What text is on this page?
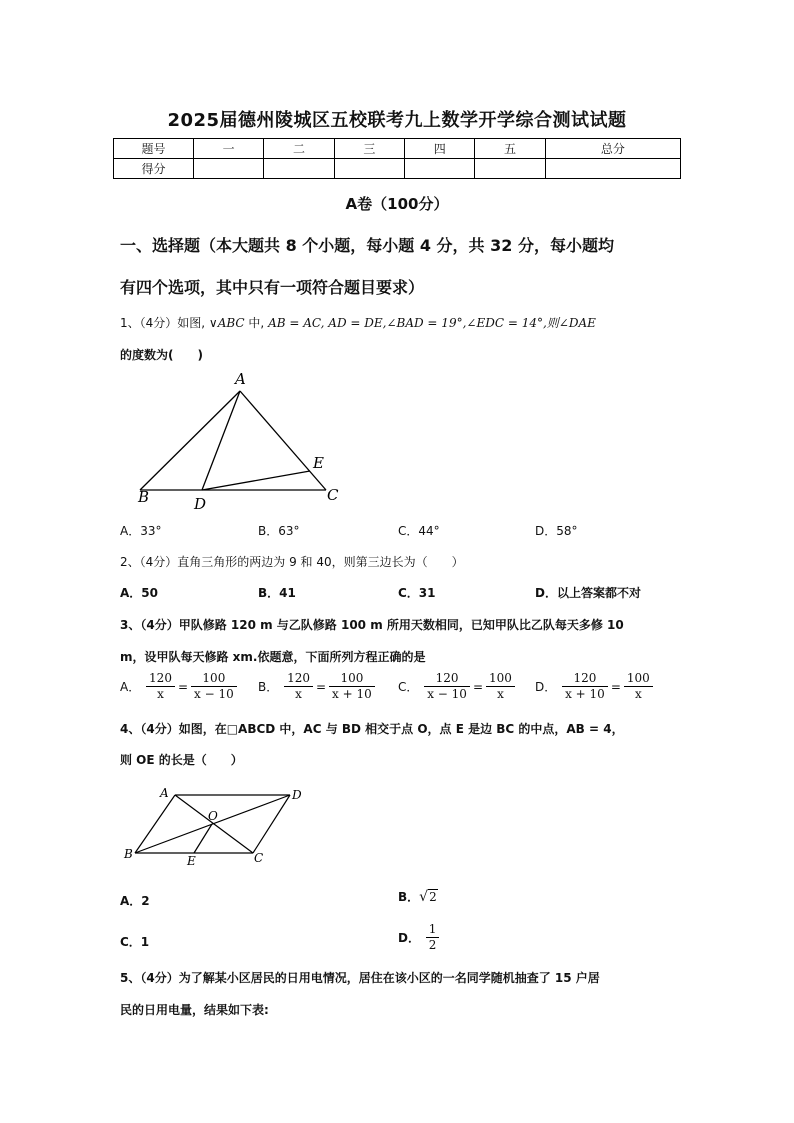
2025届德州陵城区五校联考九上数学开学综合测试试题
题号	一	二	三	四	五	总分
得分						
A卷（100分）
一、选择题（本大题共 8 个小题，每小题 4 分，共 32 分，每小题均
有四个选项，其中只有一项符合题目要求）
1、（4分）如图, ∨ABC 中, AB = AC, AD = DE,∠BAD = 19°,∠EDC = 14°,则∠DAE
的度数为(　　)
A
B	D
E
C
A．33°	B．63°	C．44°	D．58°
2、（4分）直角三角形的两边为 9 和 40，则第三边长为（　　）
A．50	B．41	C．31	D．以上答案都不对
3、（4分）甲队修路 120 m 与乙队修路 100 m 所用天数相同，已知甲队比乙队每天多修 10
m，设甲队每天修路 xm.依题意，下面所列方程正确的是
A． $\frac{120}{x} = \frac{100}{x - 10}$ B． $\frac{120}{x} = \frac{100}{x + 10}$ C． $\frac{120}{x - 10} = \frac{100}{x}$ D． $\frac{120}{x + 10} = \frac{100}{x}$
4、（4分）如图，在□ABCD 中，AC 与 BD 相交于点 O，点 E 是边 BC 的中点，AB = 4，
则 OE 的长是（　　）
A	D
O
B	E	C
A．2	B．√2
C．1	D． $\frac{1}{2}$
5、（4分）为了解某小区居民的日用电情况，居住在该小区的一名同学随机抽查了 15 户居
民的日用电量，结果如下表:
